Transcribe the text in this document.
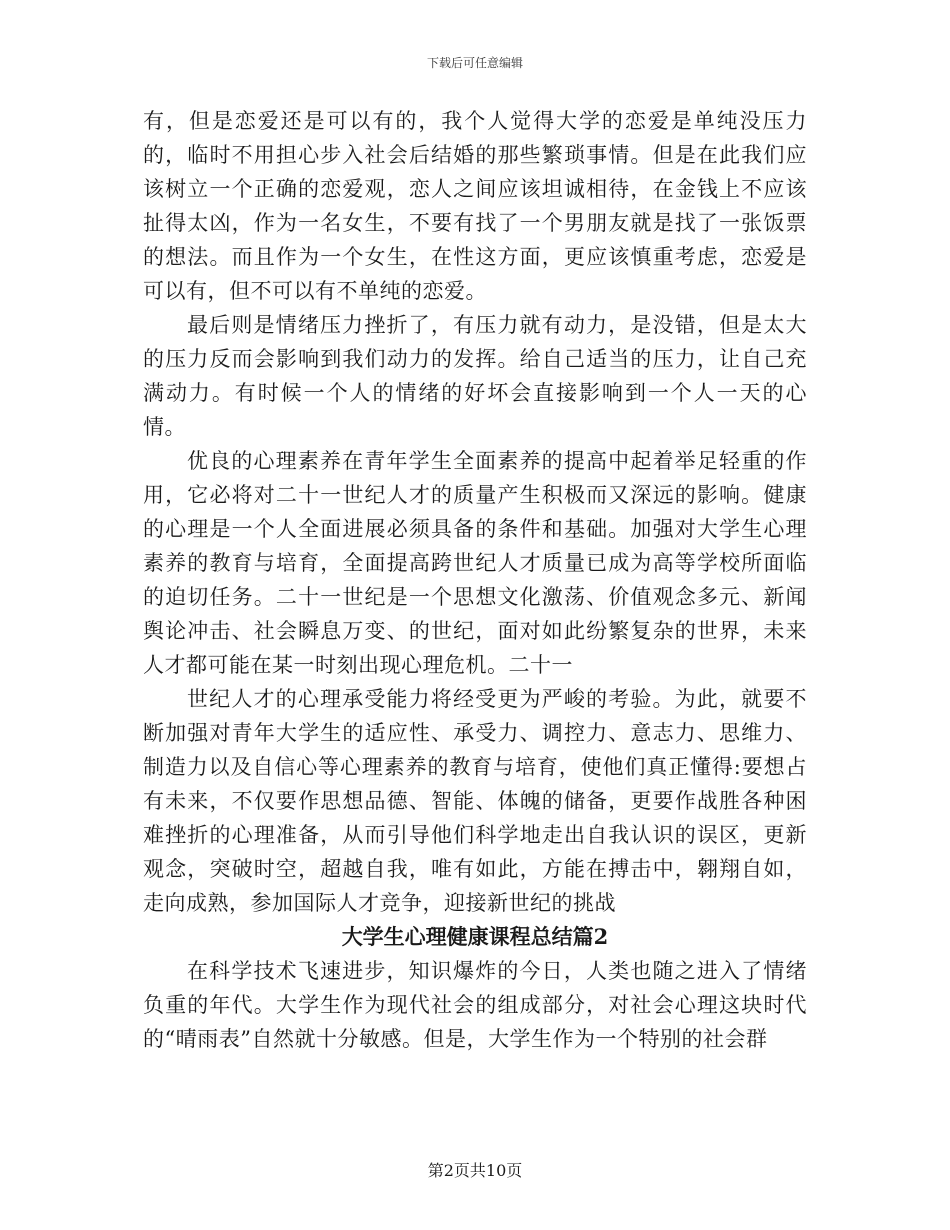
下载后可任意编辑

有，但是恋爱还是可以有的，我个人觉得大学的恋爱是单纯没压力的，临时不用担心步入社会后结婚的那些繁琐事情。但是在此我们应该树立一个正确的恋爱观，恋人之间应该坦诚相待，在金钱上不应该扯得太凶，作为一名女生，不要有找了一个男朋友就是找了一张饭票的想法。而且作为一个女生，在性这方面，更应该慎重考虑，恋爱是可以有，但不可以有不单纯的恋爱。

最后则是情绪压力挫折了，有压力就有动力，是没错，但是太大的压力反而会影响到我们动力的发挥。给自己适当的压力，让自己充满动力。有时候一个人的情绪的好坏会直接影响到一个人一天的心情。

优良的心理素养在青年学生全面素养的提高中起着举足轻重的作用，它必将对二十一世纪人才的质量产生积极而又深远的影响。健康的心理是一个人全面进展必须具备的条件和基础。加强对大学生心理素养的教育与培育，全面提高跨世纪人才质量已成为高等学校所面临的迫切任务。二十一世纪是一个思想文化激荡、价值观念多元、新闻舆论冲击、社会瞬息万变、的世纪，面对如此纷繁复杂的世界，未来人才都可能在某一时刻出现心理危机。二十一

世纪人才的心理承受能力将经受更为严峻的考验。为此，就要不断加强对青年大学生的适应性、承受力、调控力、意志力、思维力、制造力以及自信心等心理素养的教育与培育，使他们真正懂得:要想占有未来，不仅要作思想品德、智能、体魄的储备，更要作战胜各种困难挫折的心理准备，从而引导他们科学地走出自我认识的误区，更新观念，突破时空，超越自我，唯有如此，方能在搏击中，翱翔自如，走向成熟，参加国际人才竞争，迎接新世纪的挑战

大学生心理健康课程总结篇2

在科学技术飞速进步，知识爆炸的今日，人类也随之进入了情绪负重的年代。大学生作为现代社会的组成部分，对社会心理这块时代的“晴雨表”自然就十分敏感。但是，大学生作为一个特别的社会群

第2页共10页
